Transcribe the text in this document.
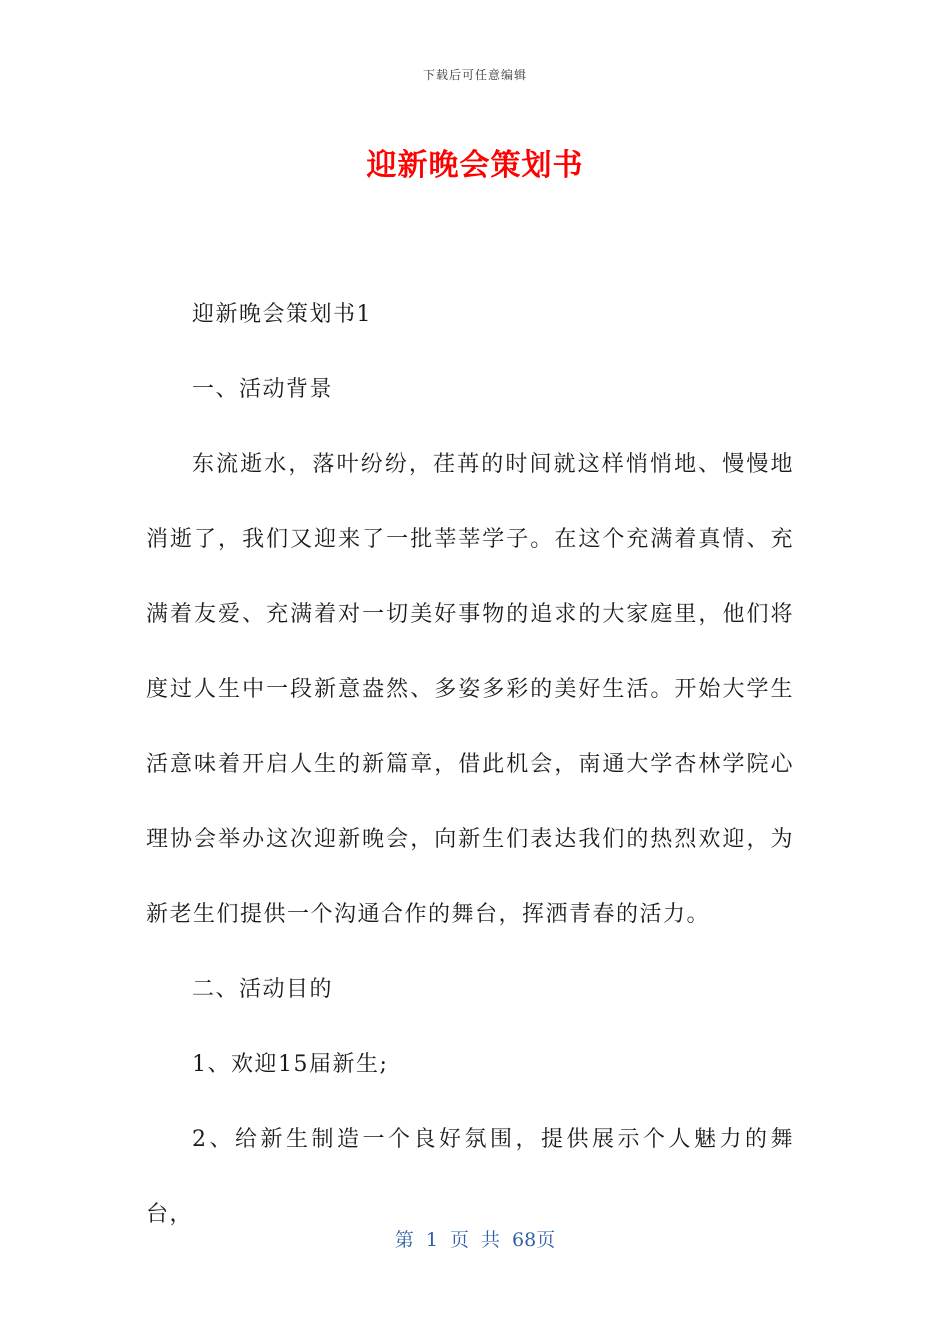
下载后可任意编辑
迎新晚会策划书

迎新晚会策划书1

一、活动背景

东流逝水，落叶纷纷，荏苒的时间就这样悄悄地、慢慢地消逝了，我们又迎来了一批莘莘学子。在这个充满着真情、充满着友爱、充满着对一切美好事物的追求的大家庭里，他们将度过人生中一段新意盎然、多姿多彩的美好生活。开始大学生活意味着开启人生的新篇章，借此机会，南通大学杏林学院心理协会举办这次迎新晚会，向新生们表达我们的热烈欢迎，为新老生们提供一个沟通合作的舞台，挥洒青春的活力。

二、活动目的

1、欢迎15届新生;

2、给新生制造一个良好氛围，提供展示个人魅力的舞台，

第 1 页 共 68页
